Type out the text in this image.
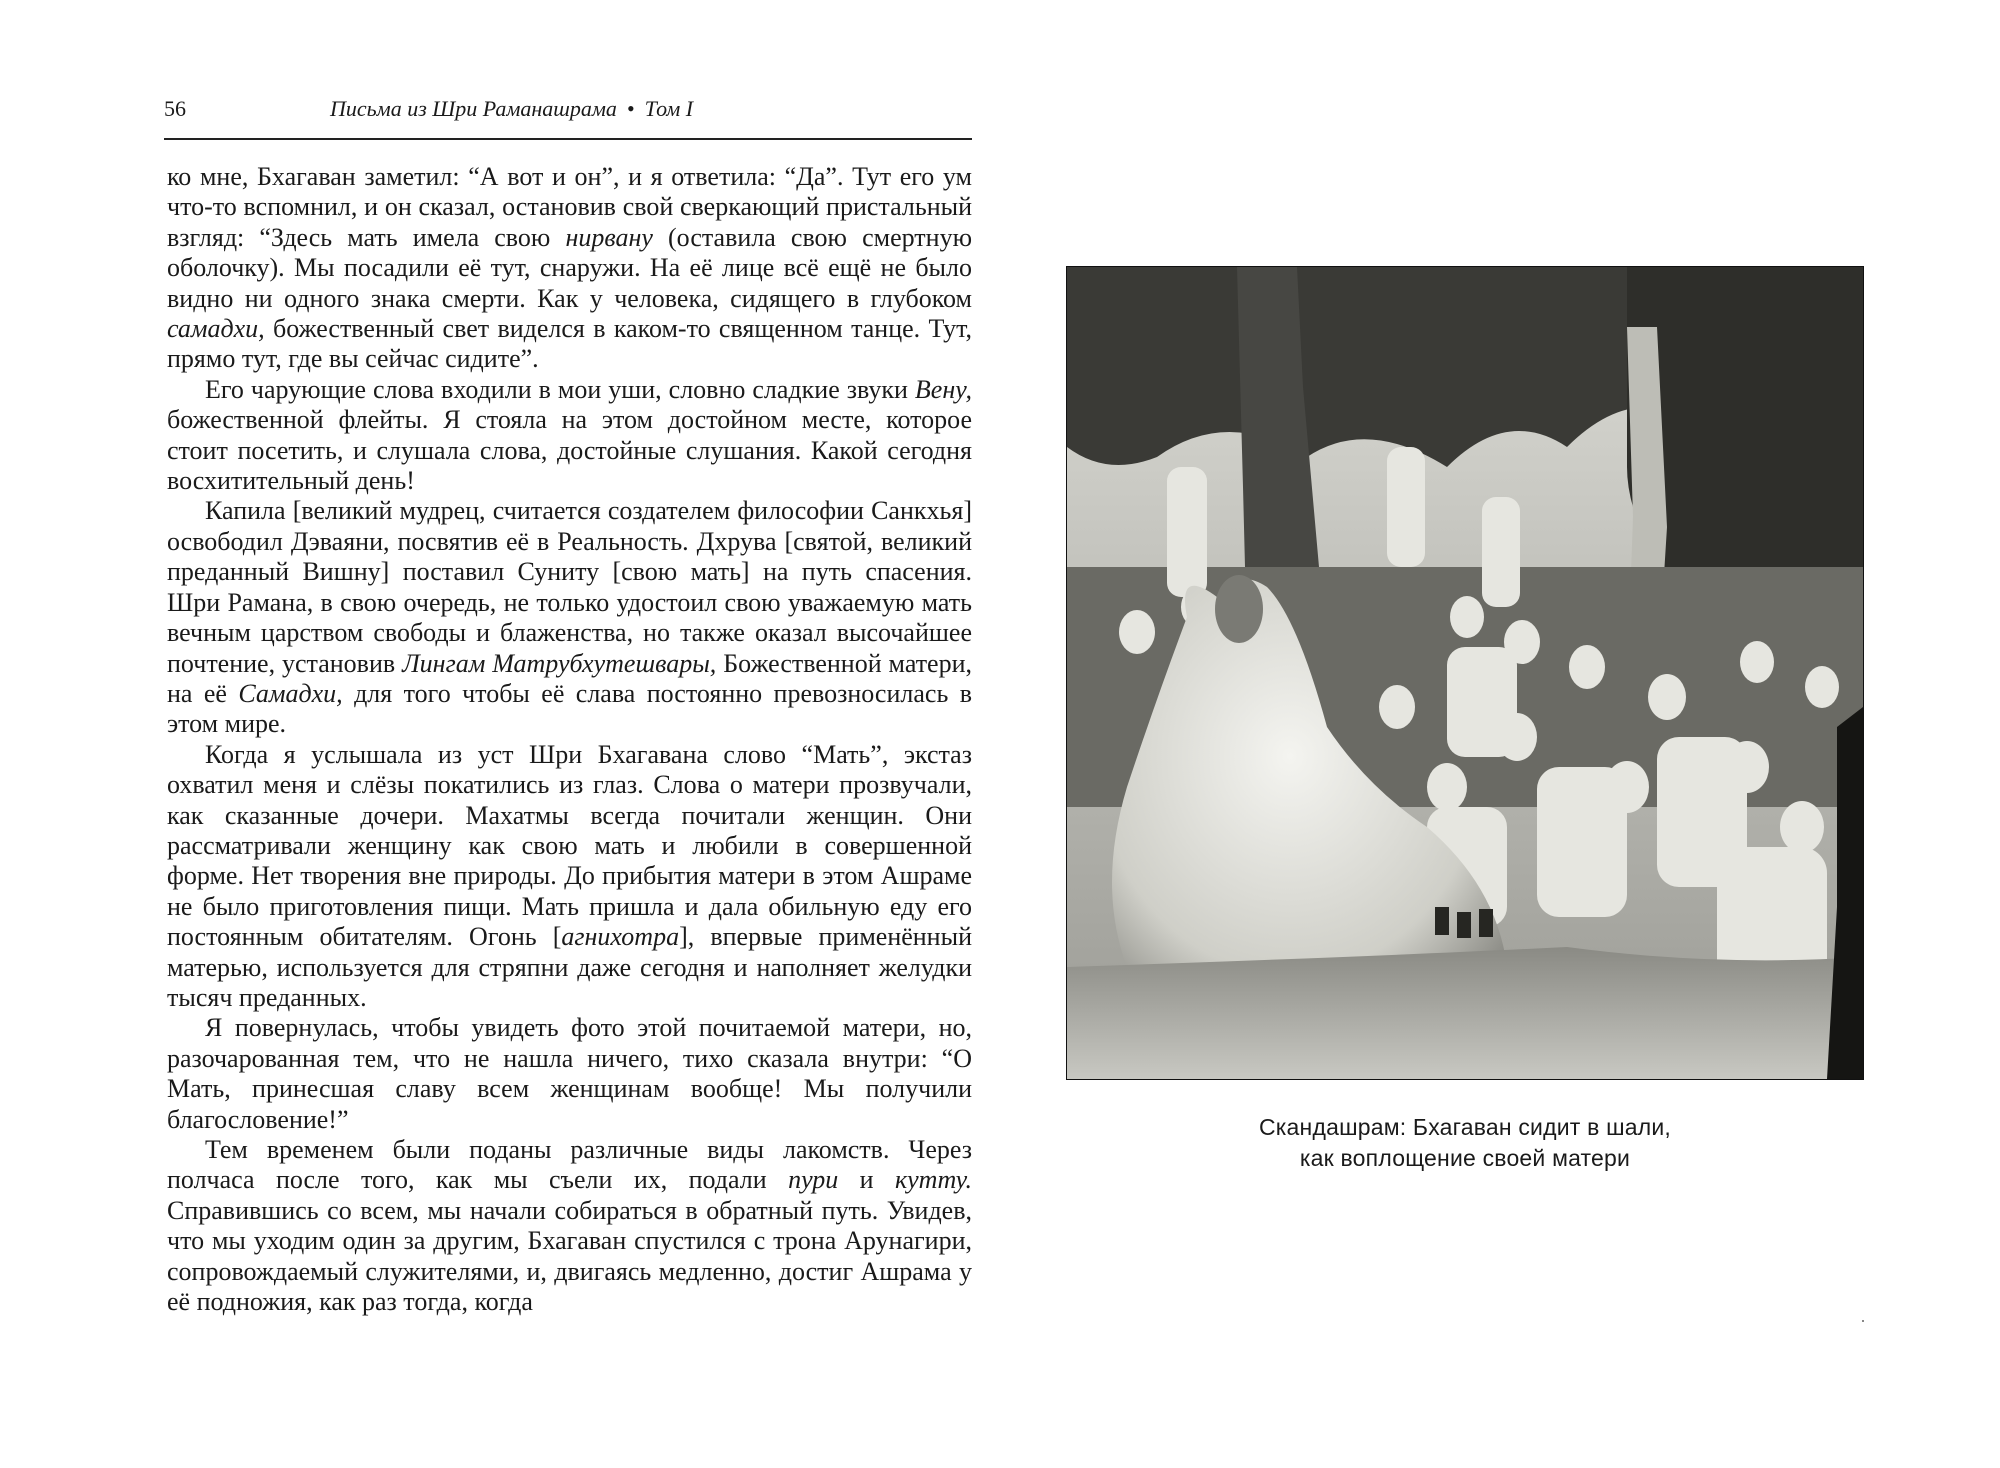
56	Письма из Шри Раманашрама • Том I

ко мне, Бхагаван заметил: “А вот и он”, и я ответила: “Да”. Тут его ум что-то вспомнил, и он сказал, остановив свой сверкающий пристальный взгляд: “Здесь мать имела свою нирвану (оставила свою смертную оболочку). Мы посадили её тут, снаружи. На её лице всё ещё не было видно ни одного знака смерти. Как у человека, сидящего в глубоком самадхи, божественный свет виделся в каком-то священном танце. Тут, прямо тут, где вы сейчас сидите”.

Его чарующие слова входили в мои уши, словно сладкие звуки Вену, божественной флейты. Я стояла на этом достойном месте, которое стоит посетить, и слушала слова, достойные слушания. Какой сегодня восхитительный день!

Капила [великий мудрец, считается создателем философии Санкхья] освободил Дэваяни, посвятив её в Реальность. Дхрува [святой, великий преданный Вишну] поставил Суниту [свою мать] на путь спасения. Шри Рамана, в свою очередь, не только удостоил свою уважаемую мать вечным царством свободы и блаженства, но также оказал высочайшее почтение, установив Лингам Матрубхутешвары, Божественной матери, на её Самадхи, для того чтобы её слава постоянно превозносилась в этом мире.

Когда я услышала из уст Шри Бхагавана слово “Мать”, экстаз охватил меня и слёзы покатились из глаз. Слова о матери прозвучали, как сказанные дочери. Махатмы всегда почитали женщин. Они рассматривали женщину как свою мать и любили в совершенной форме. Нет творения вне природы. До прибытия матери в этом Ашраме не было приготовления пищи. Мать пришла и дала обильную еду его постоянным обитателям. Огонь [агнихотра], впервые применённый матерью, используется для стряпни даже сегодня и наполняет желудки тысяч преданных.

Я повернулась, чтобы увидеть фото этой почитаемой матери, но, разочарованная тем, что не нашла ничего, тихо сказала внутри: “О Мать, принесшая славу всем женщинам вообще! Мы получили благословение!”

Тем временем были поданы различные виды лакомств. Через полчаса после того, как мы съели их, подали пури и кутту. Справившись со всем, мы начали собираться в обратный путь. Увидев, что мы уходим один за другим, Бхагаван спустился с трона Арунагири, сопровождаемый служителями, и, двигаясь медленно, достиг Ашрама у её подножия, как раз тогда, когда

Скандашрам: Бхагаван сидит в шали,
как воплощение своей матери
